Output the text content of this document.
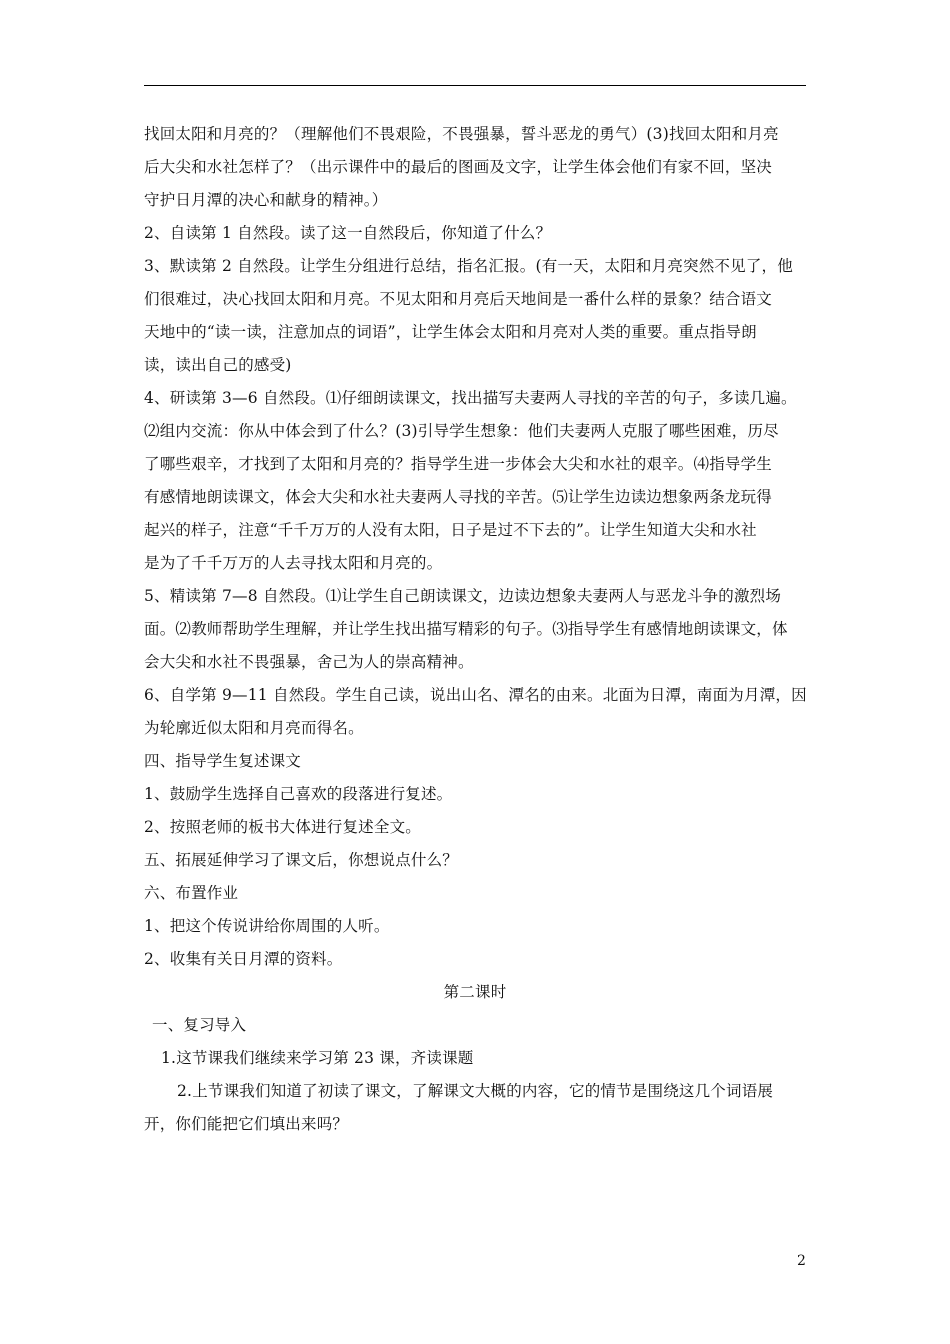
找回太阳和月亮的？（理解他们不畏艰险，不畏强暴，誓斗恶龙的勇气）(3)找回太阳和月亮
后大尖和水社怎样了？（出示课件中的最后的图画及文字，让学生体会他们有家不回，坚决
守护日月潭的决心和献身的精神。）
2、自读第 1 自然段。读了这一自然段后，你知道了什么？
3、默读第 2 自然段。让学生分组进行总结，指名汇报。(有一天，太阳和月亮突然不见了，他
们很难过，决心找回太阳和月亮。不见太阳和月亮后天地间是一番什么样的景象？结合语文
天地中的“读一读，注意加点的词语”，让学生体会太阳和月亮对人类的重要。重点指导朗
读，读出自己的感受)
4、研读第 3—6 自然段。⑴仔细朗读课文，找出描写夫妻两人寻找的辛苦的句子，多读几遍。
⑵组内交流：你从中体会到了什么？(3)引导学生想象：他们夫妻两人克服了哪些困难，历尽
了哪些艰辛，才找到了太阳和月亮的？指导学生进一步体会大尖和水社的艰辛。⑷指导学生
有感情地朗读课文，体会大尖和水社夫妻两人寻找的辛苦。⑸让学生边读边想象两条龙玩得
起兴的样子，注意“千千万万的人没有太阳，日子是过不下去的”。让学生知道大尖和水社
是为了千千万万的人去寻找太阳和月亮的。
5、精读第 7—8 自然段。⑴让学生自己朗读课文，边读边想象夫妻两人与恶龙斗争的激烈场
面。⑵教师帮助学生理解，并让学生找出描写精彩的句子。⑶指导学生有感情地朗读课文，体
会大尖和水社不畏强暴，舍己为人的崇高精神。
6、自学第 9—11 自然段。学生自己读，说出山名、潭名的由来。北面为日潭，南面为月潭，因
为轮廓近似太阳和月亮而得名。
四、指导学生复述课文
1、鼓励学生选择自己喜欢的段落进行复述。
2、按照老师的板书大体进行复述全文。
五、拓展延伸学习了课文后，你想说点什么？
六、布置作业
1、把这个传说讲给你周围的人听。
2、收集有关日月潭的资料。
第二课时
一、复习导入
1.这节课我们继续来学习第 23 课，齐读课题
2.上节课我们知道了初读了课文，了解课文大概的内容，它的情节是围绕这几个词语展
开，你们能把它们填出来吗？
2
